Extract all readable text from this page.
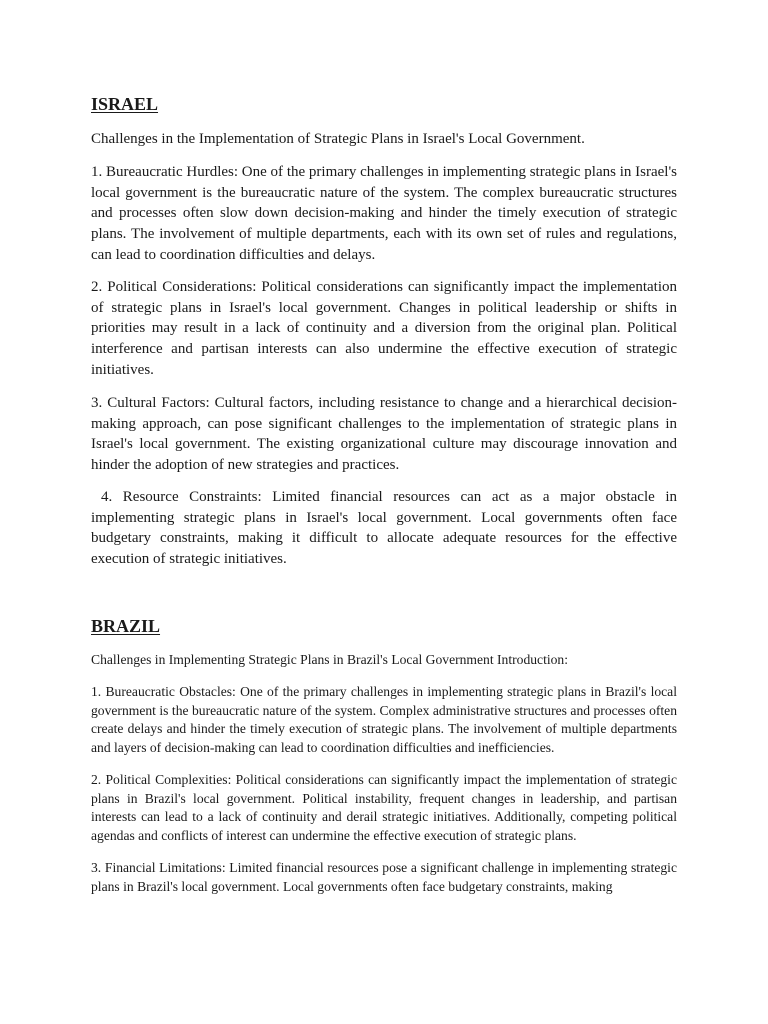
ISRAEL

Challenges in the Implementation of Strategic Plans in Israel's Local Government.

1. Bureaucratic Hurdles: One of the primary challenges in implementing strategic plans in Israel's local government is the bureaucratic nature of the system. The complex bureaucratic structures and processes often slow down decision-making and hinder the timely execution of strategic plans. The involvement of multiple departments, each with its own set of rules and regulations, can lead to coordination difficulties and delays.

2. Political Considerations: Political considerations can significantly impact the implementation of strategic plans in Israel's local government. Changes in political leadership or shifts in priorities may result in a lack of continuity and a diversion from the original plan. Political interference and partisan interests can also undermine the effective execution of strategic initiatives.

3. Cultural Factors: Cultural factors, including resistance to change and a hierarchical decision-making approach, can pose significant challenges to the implementation of strategic plans in Israel's local government. The existing organizational culture may discourage innovation and hinder the adoption of new strategies and practices.

4. Resource Constraints: Limited financial resources can act as a major obstacle in implementing strategic plans in Israel's local government. Local governments often face budgetary constraints, making it difficult to allocate adequate resources for the effective execution of strategic initiatives.

BRAZIL

Challenges in Implementing Strategic Plans in Brazil's Local Government Introduction:

1. Bureaucratic Obstacles: One of the primary challenges in implementing strategic plans in Brazil's local government is the bureaucratic nature of the system. Complex administrative structures and processes often create delays and hinder the timely execution of strategic plans. The involvement of multiple departments and layers of decision-making can lead to coordination difficulties and inefficiencies.

2. Political Complexities: Political considerations can significantly impact the implementation of strategic plans in Brazil's local government. Political instability, frequent changes in leadership, and partisan interests can lead to a lack of continuity and derail strategic initiatives. Additionally, competing political agendas and conflicts of interest can undermine the effective execution of strategic plans.

3. Financial Limitations: Limited financial resources pose a significant challenge in implementing strategic plans in Brazil's local government. Local governments often face budgetary constraints, making
